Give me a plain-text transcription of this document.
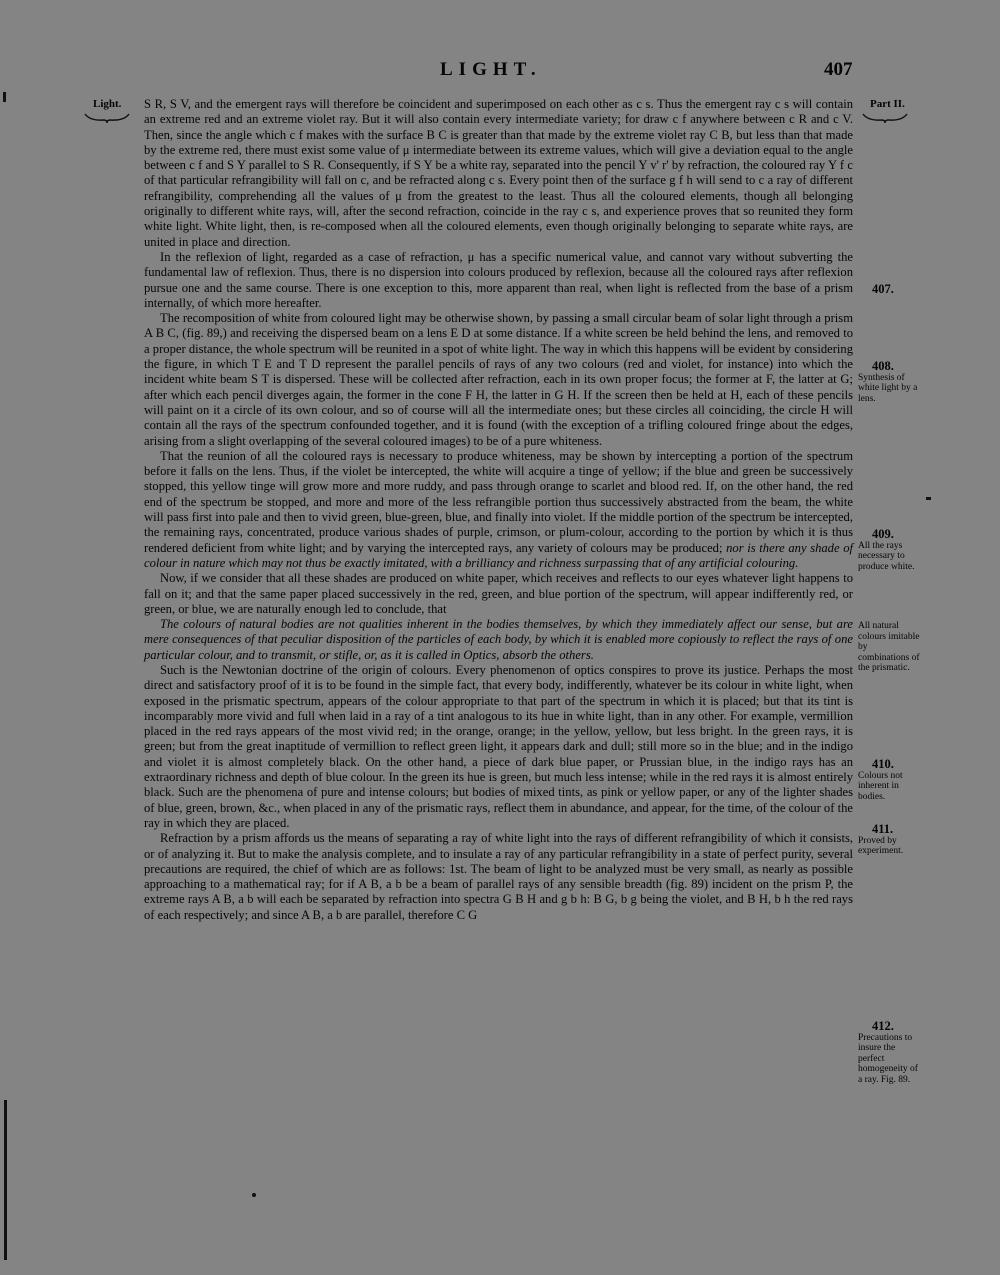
LIGHT.	407
Light.	Part II.

S R, S V, and the emergent rays will therefore be coincident and superimposed on each other as c s. Thus the emergent ray c s will contain an extreme red and an extreme violet ray. But it will also contain every intermediate variety; for draw c f anywhere between c R and c V. Then, since the angle which c f makes with the surface B C is greater than that made by the extreme violet ray C B, but less than that made by the extreme red, there must exist some value of μ intermediate between its extreme values, which will give a deviation equal to the angle between c f and S Y parallel to S R. Consequently, if S Y be a white ray, separated into the pencil Y v' r' by refraction, the coloured ray Y f c of that particular refrangibility will fall on c, and be refracted along c s. Every point then of the surface g f h will send to c a ray of different refrangibility, comprehending all the values of μ from the greatest to the least. Thus all the coloured elements, though all belonging originally to different white rays, will, after the second refraction, coincide in the ray c s, and experience proves that so reunited they form white light. White light, then, is re-composed when all the coloured elements, even though originally belonging to separate white rays, are united in place and direction.

In the reflexion of light, regarded as a case of refraction, μ has a specific numerical value, and cannot vary without subverting the fundamental law of reflexion. Thus, there is no dispersion into colours produced by reflexion, because all the coloured rays after reflexion pursue one and the same course. There is one exception to this, more apparent than real, when light is reflected from the base of a prism internally, of which more hereafter.

The recomposition of white from coloured light may be otherwise shown, by passing a small circular beam of solar light through a prism A B C, (fig. 89,) and receiving the dispersed beam on a lens E D at some distance. If a white screen be held behind the lens, and removed to a proper distance, the whole spectrum will be reunited in a spot of white light. The way in which this happens will be evident by considering the figure, in which T E and T D represent the parallel pencils of rays of any two colours (red and violet, for instance) into which the incident white beam S T is dispersed. These will be collected after refraction, each in its own proper focus; the former at F, the latter at G; after which each pencil diverges again, the former in the cone F H, the latter in G H. If the screen then be held at H, each of these pencils will paint on it a circle of its own colour, and so of course will all the intermediate ones; but these circles all coinciding, the circle H will contain all the rays of the spectrum confounded together, and it is found (with the exception of a trifling coloured fringe about the edges, arising from a slight overlapping of the several coloured images) to be of a pure whiteness.

That the reunion of all the coloured rays is necessary to produce whiteness, may be shown by intercepting a portion of the spectrum before it falls on the lens. Thus, if the violet be intercepted, the white will acquire a tinge of yellow; if the blue and green be successively stopped, this yellow tinge will grow more and more ruddy, and pass through orange to scarlet and blood red. If, on the other hand, the red end of the spectrum be stopped, and more and more of the less refrangible portion thus successively abstracted from the beam, the white will pass first into pale and then to vivid green, blue-green, blue, and finally into violet. If the middle portion of the spectrum be intercepted, the remaining rays, concentrated, produce various shades of purple, crimson, or plum-colour, according to the portion by which it is thus rendered deficient from white light; and by varying the intercepted rays, any variety of colours may be produced; nor is there any shade of colour in nature which may not thus be exactly imitated, with a brilliancy and richness surpassing that of any artificial colouring.

Now, if we consider that all these shades are produced on white paper, which receives and reflects to our eyes whatever light happens to fall on it; and that the same paper placed successively in the red, green, and blue portion of the spectrum, will appear indifferently red, or green, or blue, we are naturally enough led to conclude, that

The colours of natural bodies are not qualities inherent in the bodies themselves, by which they immediately affect our sense, but are mere consequences of that peculiar disposition of the particles of each body, by which it is enabled more copiously to reflect the rays of one particular colour, and to transmit, or stifle, or, as it is called in Optics, absorb the others.

Such is the Newtonian doctrine of the origin of colours. Every phenomenon of optics conspires to prove its justice. Perhaps the most direct and satisfactory proof of it is to be found in the simple fact, that every body, indifferently, whatever be its colour in white light, when exposed in the prismatic spectrum, appears of the colour appropriate to that part of the spectrum in which it is placed; but that its tint is incomparably more vivid and full when laid in a ray of a tint analogous to its hue in white light, than in any other. For example, vermillion placed in the red rays appears of the most vivid red; in the orange, orange; in the yellow, yellow, but less bright. In the green rays, it is green; but from the great inaptitude of vermillion to reflect green light, it appears dark and dull; still more so in the blue; and in the indigo and violet it is almost completely black. On the other hand, a piece of dark blue paper, or Prussian blue, in the indigo rays has an extraordinary richness and depth of blue colour. In the green its hue is green, but much less intense; while in the red rays it is almost entirely black. Such are the phenomena of pure and intense colours; but bodies of mixed tints, as pink or yellow paper, or any of the lighter shades of blue, green, brown, &c., when placed in any of the prismatic rays, reflect them in abundance, and appear, for the time, of the colour of the ray in which they are placed.

Refraction by a prism affords us the means of separating a ray of white light into the rays of different refrangibility of which it consists, or of analyzing it. But to make the analysis complete, and to insulate a ray of any particular refrangibility in a state of perfect purity, several precautions are required, the chief of which are as follows: 1st. The beam of light to be analyzed must be very small, as nearly as possible approaching to a mathematical ray; for if A B, a b be a beam of parallel rays of any sensible breadth (fig. 89) incident on the prism P, the extreme rays A B, a b will each be separated by refraction into spectra G B H and g b h: B G, b g being the violet, and B H, b h the red rays of each respectively; and since A B, a b are parallel, therefore C G

407.
408.
Synthesis of white light by a lens.
409.
All the rays necessary to produce white.
All natural colours imitable by combinations of the prismatic.
410.
Colours not inherent in bodies.
411.
Proved by experiment.
412.
Precautions to insure the perfect homogeneity of a ray. Fig. 89.
